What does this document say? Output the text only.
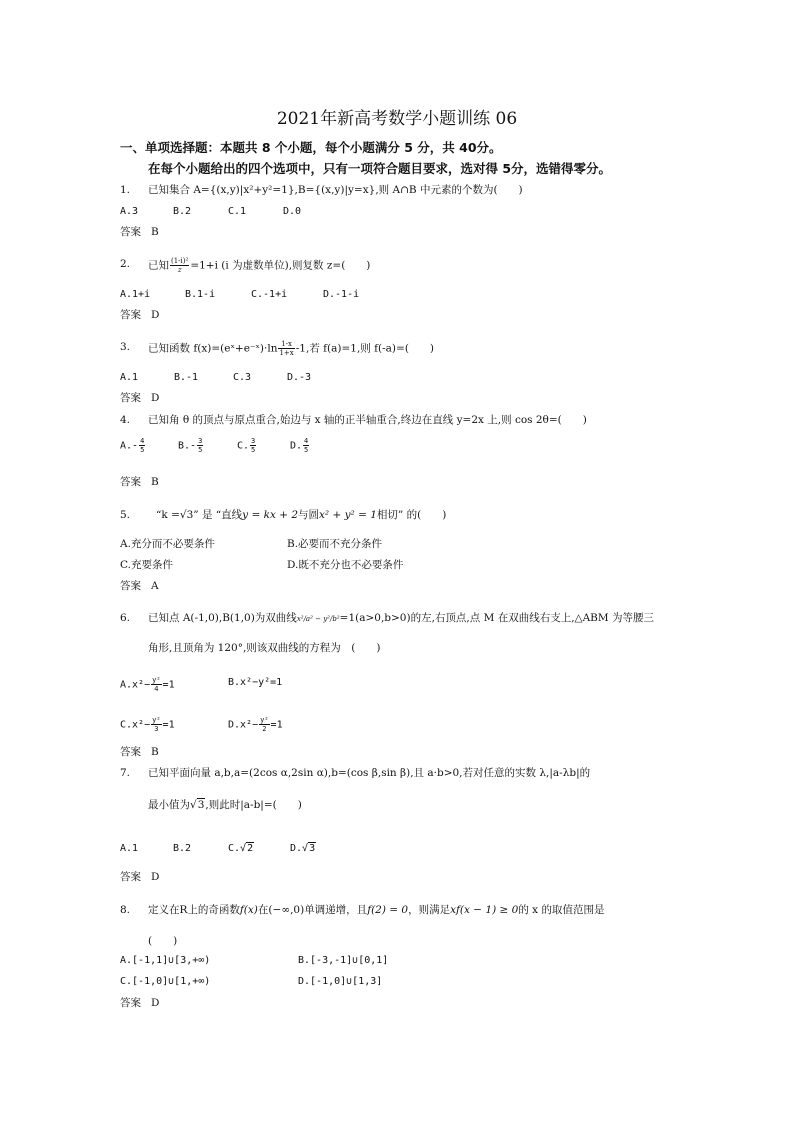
2021年新高考数学小题训练 06
一、单项选择题：本题共 8 个小题，每个小题满分 5 分，共 40分。
在每个小题给出的四个选项中，只有一项符合题目要求，选对得 5分，选错得零分。
1. 已知集合 A={(x,y)|x²+y²=1},B={(x,y)|y=x},则 A∩B 中元素的个数为(　　)
A.3	B.2	C.1	D.0
答案 B
2. 已知 $\frac{\text{(1-i)²}}{z} =1+i$ (i 为虚数单位),则复数 z=(　　)
A.1+i	B.1-i	C.-1+i	D.-1-i
答案 D
3. 已知函数 f(x)=(eˣ+e⁻ˣ)·ln $\frac{1-x}{1+x} -1$,若 f(a)=1,则 f(-a)=(　　)
A.1	B.-1	C.3	D.-3
答案 D
4. 已知角 θ 的顶点与原点重合,始边与 x 轴的正半轴重合,终边在直线 y=2x 上,则 cos 2θ=(　　)
$A.- \frac{4}{5}$	$B.- \frac{3}{5}$	C. $\frac{3}{5}$	D. $\frac{4}{5}$
答案 B
5. “k =√3” 是 “直线y = kx + 2与圆x² + y² = 1相切” 的(　　)
A.充分而不必要条件	B.必要而不充分条件
C.充要条件	D.既不充分也不必要条件
答案 A
6. 已知点 A(-1,0),B(1,0)为双曲线x²/a² − y²/b²=1(a>0,b>0)的左,右顶点,点 M 在双曲线右支上,△ABM 为等腰三
角形,且顶角为 120°,则该双曲线的方程为　(　　)
$A.x^2- \frac{\text{y²}}{4} =1$	B.x²−y²=1
$C.x^2- \frac{\text{y²}}{3} =1$	$D.x^2- \frac{\text{y²}}{2} =1$
答案 B
7. 已知平面向量 a,b,a=(2cos α,2sin α),b=(cos β,sin β),且 a·b>0,若对任意的实数 λ,|a-λb|的
最小值为√3,则此时|a-b|=(　　)
A.1	B.2	C.√2	D.√3
答案 D
8. 定义在R上的奇函数f(x)在(−∞,0)单调递增，且f(2) = 0，则满足xf(x − 1) ≥ 0的 x 的取值范围是
(　　)
A.[-1,1]∪[3,+∞)	B.[-3,-1]∪[0,1]
C.[-1,0]∪[1,+∞)	D.[-1,0]∪[1,3]
答案 D
